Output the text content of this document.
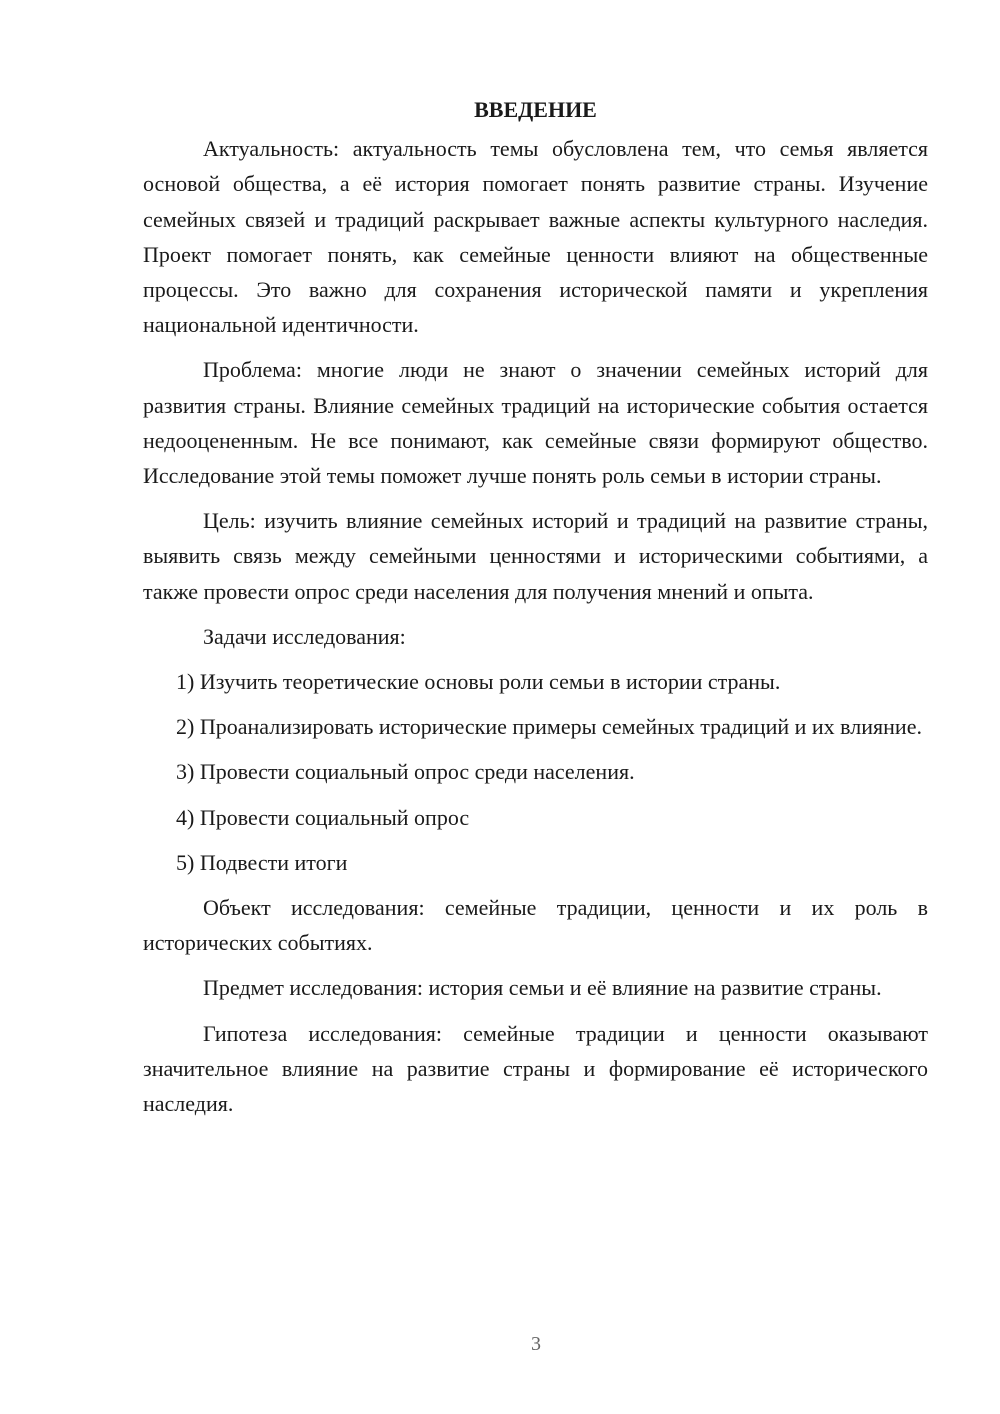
ВВЕДЕНИЕ

Актуальность: актуальность темы обусловлена тем, что семья является основой общества, а её история помогает понять развитие страны. Изучение семейных связей и традиций раскрывает важные аспекты культурного наследия. Проект помогает понять, как семейные ценности влияют на общественные процессы. Это важно для сохранения исторической памяти и укрепления национальной идентичности.

Проблема: многие люди не знают о значении семейных историй для развития страны. Влияние семейных традиций на исторические события остается недооцененным. Не все понимают, как семейные связи формируют общество. Исследование этой темы поможет лучше понять роль семьи в истории страны.

Цель: изучить влияние семейных историй и традиций на развитие страны, выявить связь между семейными ценностями и историческими событиями, а также провести опрос среди населения для получения мнений и опыта.

Задачи исследования:

1) Изучить теоретические основы роли семьи в истории страны.

2) Проанализировать исторические примеры семейных традиций и их влияние.

3) Провести социальный опрос среди населения.

4) Провести социальный опрос

5) Подвести итоги

Объект исследования: семейные традиции, ценности и их роль в исторических событиях.

Предмет исследования: история семьи и её влияние на развитие страны.

Гипотеза исследования: семейные традиции и ценности оказывают значительное влияние на развитие страны и формирование её исторического наследия.

3
